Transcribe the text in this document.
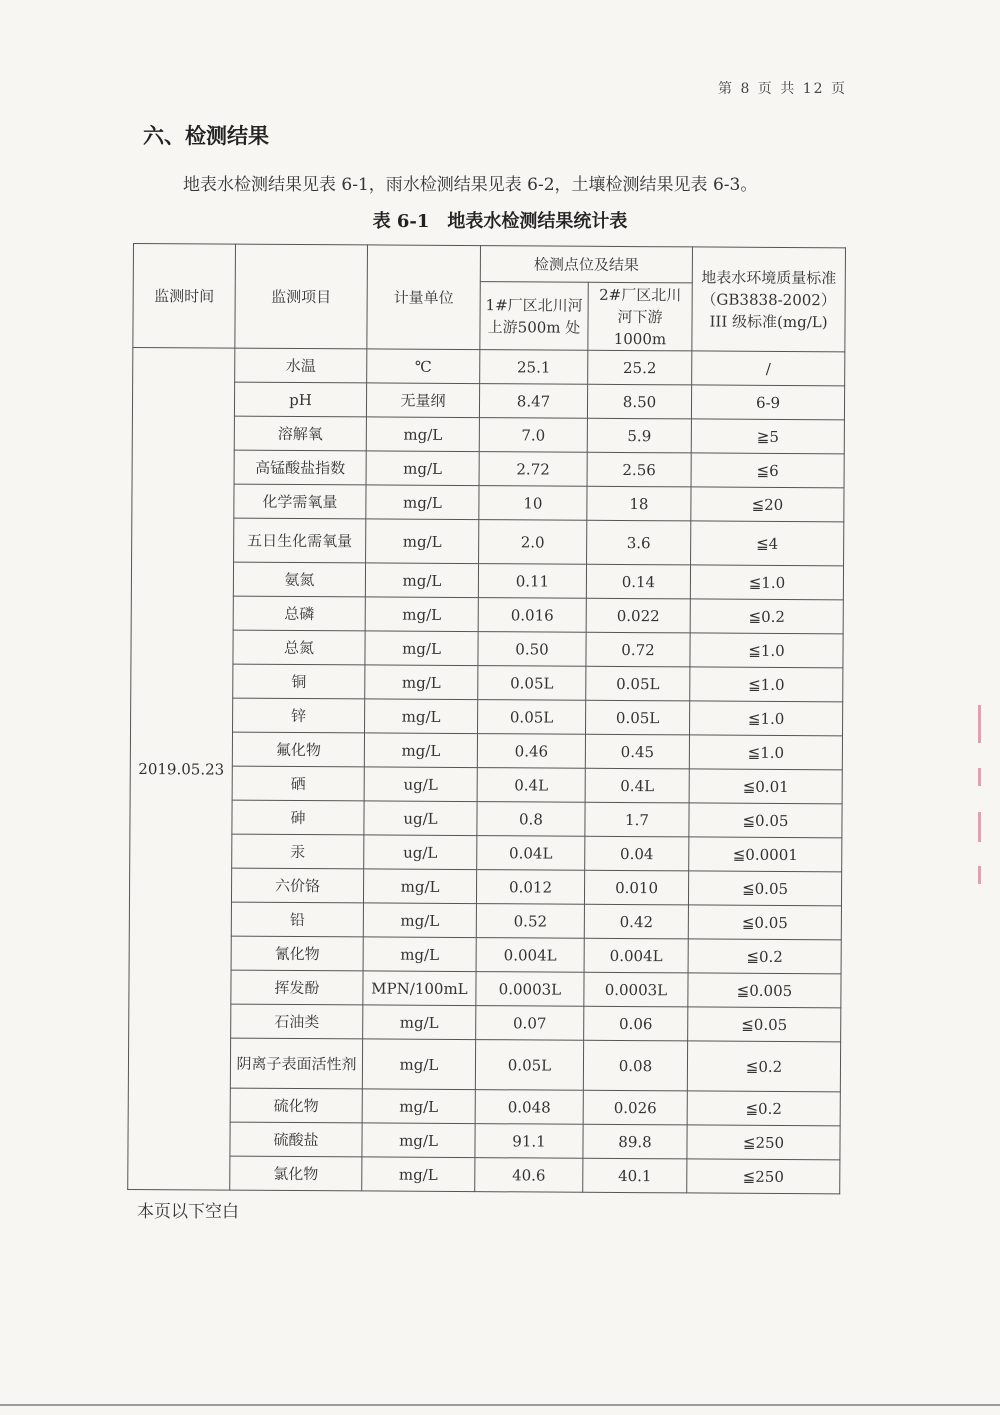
第 8 页 共 12 页
六、检测结果
地表水检测结果见表 6-1，雨水检测结果见表 6-2，土壤检测结果见表 6-3。
表 6-1　地表水检测结果统计表
监测时间	监测项目	计量单位	检测点位及结果		地表水环境质量标准（GB3838-2002）III 级标准(mg/L)
			1#厂区北川河上游500m 处	2#厂区北川河下游1000m	
2019.05.23	水温	℃	25.1	25.2	/
	pH	无量纲	8.47	8.50	6-9
	溶解氧	mg/L	7.0	5.9	≧5
	高锰酸盐指数	mg/L	2.72	2.56	≦6
	化学需氧量	mg/L	10	18	≦20
	五日生化需氧量	mg/L	2.0	3.6	≦4
	氨氮	mg/L	0.11	0.14	≦1.0
	总磷	mg/L	0.016	0.022	≦0.2
	总氮	mg/L	0.50	0.72	≦1.0
	铜	mg/L	0.05L	0.05L	≦1.0
	锌	mg/L	0.05L	0.05L	≦1.0
	氟化物	mg/L	0.46	0.45	≦1.0
	硒	ug/L	0.4L	0.4L	≦0.01
	砷	ug/L	0.8	1.7	≦0.05
	汞	ug/L	0.04L	0.04	≦0.0001
	六价铬	mg/L	0.012	0.010	≦0.05
	铅	mg/L	0.52	0.42	≦0.05
	氰化物	mg/L	0.004L	0.004L	≦0.2
	挥发酚	MPN/100mL	0.0003L	0.0003L	≦0.005
	石油类	mg/L	0.07	0.06	≦0.05
	阴离子表面活性剂	mg/L	0.05L	0.08	≦0.2
	硫化物	mg/L	0.048	0.026	≦0.2
	硫酸盐	mg/L	91.1	89.8	≦250
	氯化物	mg/L	40.6	40.1	≦250
本页以下空白
